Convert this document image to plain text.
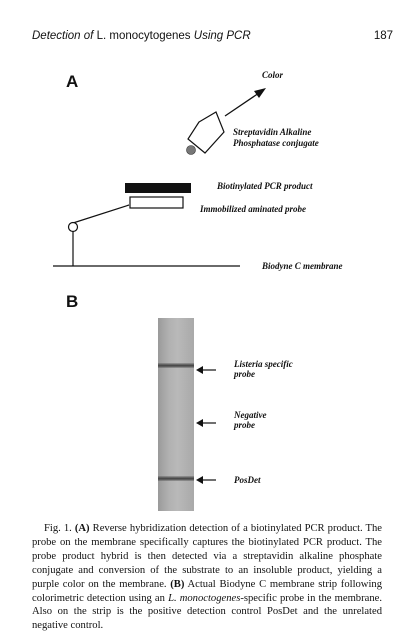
Detection of L. monocytogenes Using PCR	187
A	Color
Streptavidin Alkaline
Phosphatase conjugate
Biotinylated PCR product
Immobilized aminated probe
Biodyne C membrane
B
Listeria specific
probe
Negative
probe
PosDet
Fig. 1. (A) Reverse hybridization detection of a biotinylated PCR product. The probe on the membrane specifically captures the biotinylated PCR product. The probe product hybrid is then detected via a streptavidin alkaline phosphate conjugate and conversion of the substrate to an insoluble product, yielding a purple color on the membrane. (B) Actual Biodyne C membrane strip following colorimetric detection using an L. monoctogenes-specific probe in the membrane. Also on the strip is the positive detection control PosDet and the unrelated negative control.
